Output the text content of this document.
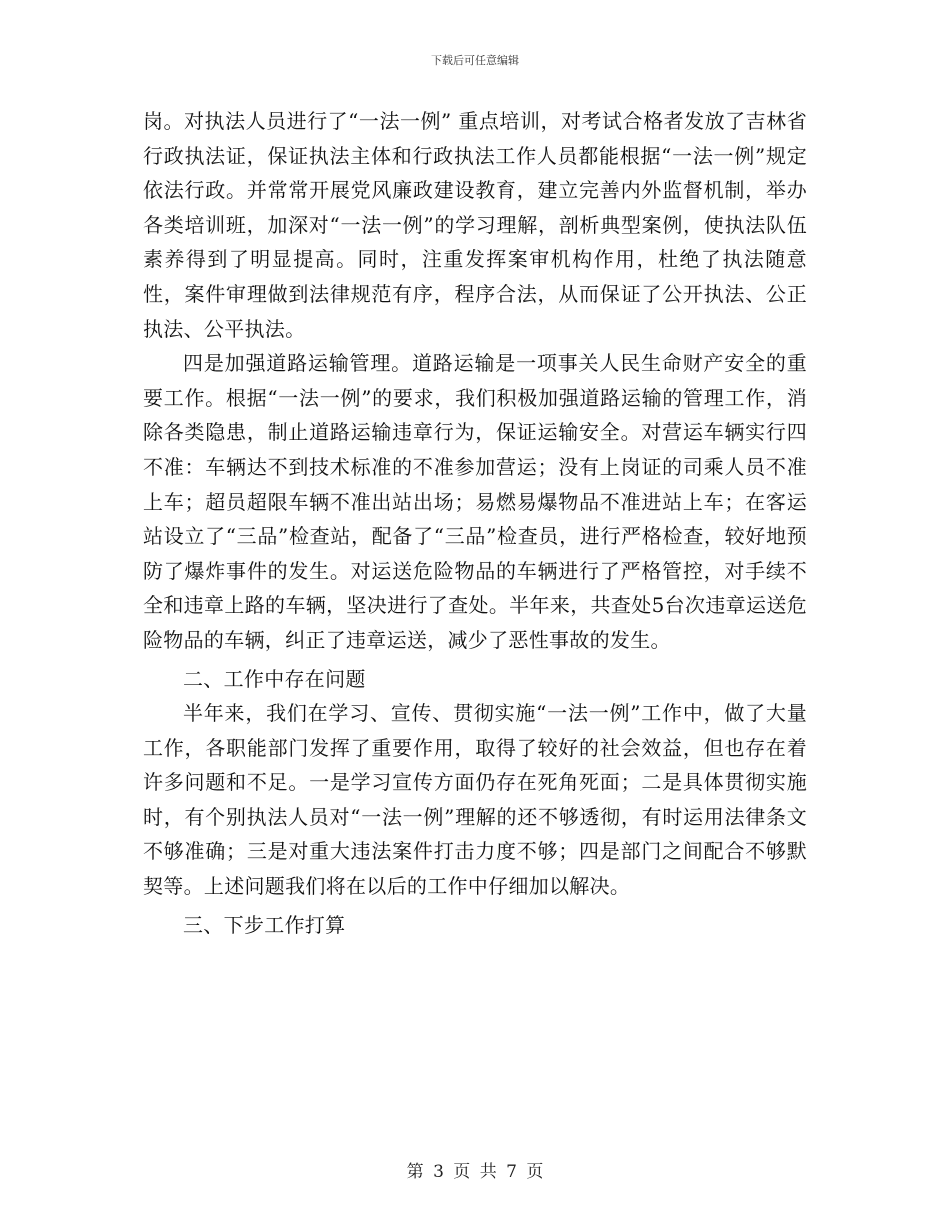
下载后可任意编辑

岗。对执法人员进行了“一法一例” 重点培训，对考试合格者发放了吉林省行政执法证，保证执法主体和行政执法工作人员都能根据“一法一例”规定依法行政。并常常开展党风廉政建设教育，建立完善内外监督机制，举办各类培训班，加深对“一法一例”的学习理解，剖析典型案例，使执法队伍素养得到了明显提高。同时，注重发挥案审机构作用，杜绝了执法随意性，案件审理做到法律规范有序，程序合法，从而保证了公开执法、公正执法、公平执法。

四是加强道路运输管理。道路运输是一项事关人民生命财产安全的重要工作。根据“一法一例”的要求，我们积极加强道路运输的管理工作，消除各类隐患，制止道路运输违章行为，保证运输安全。对营运车辆实行四不准：车辆达不到技术标准的不准参加营运；没有上岗证的司乘人员不准上车；超员超限车辆不准出站出场；易燃易爆物品不准进站上车；在客运站设立了“三品”检查站，配备了“三品”检查员，进行严格检查，较好地预防了爆炸事件的发生。对运送危险物品的车辆进行了严格管控，对手续不全和违章上路的车辆，坚决进行了查处。半年来，共查处5台次违章运送危险物品的车辆，纠正了违章运送，减少了恶性事故的发生。

二、工作中存在问题

半年来，我们在学习、宣传、贯彻实施“一法一例”工作中，做了大量工作，各职能部门发挥了重要作用，取得了较好的社会效益，但也存在着许多问题和不足。一是学习宣传方面仍存在死角死面；二是具体贯彻实施时，有个别执法人员对“一法一例”理解的还不够透彻，有时运用法律条文不够准确；三是对重大违法案件打击力度不够；四是部门之间配合不够默契等。上述问题我们将在以后的工作中仔细加以解决。

三、下步工作打算

第 3 页 共 7 页
